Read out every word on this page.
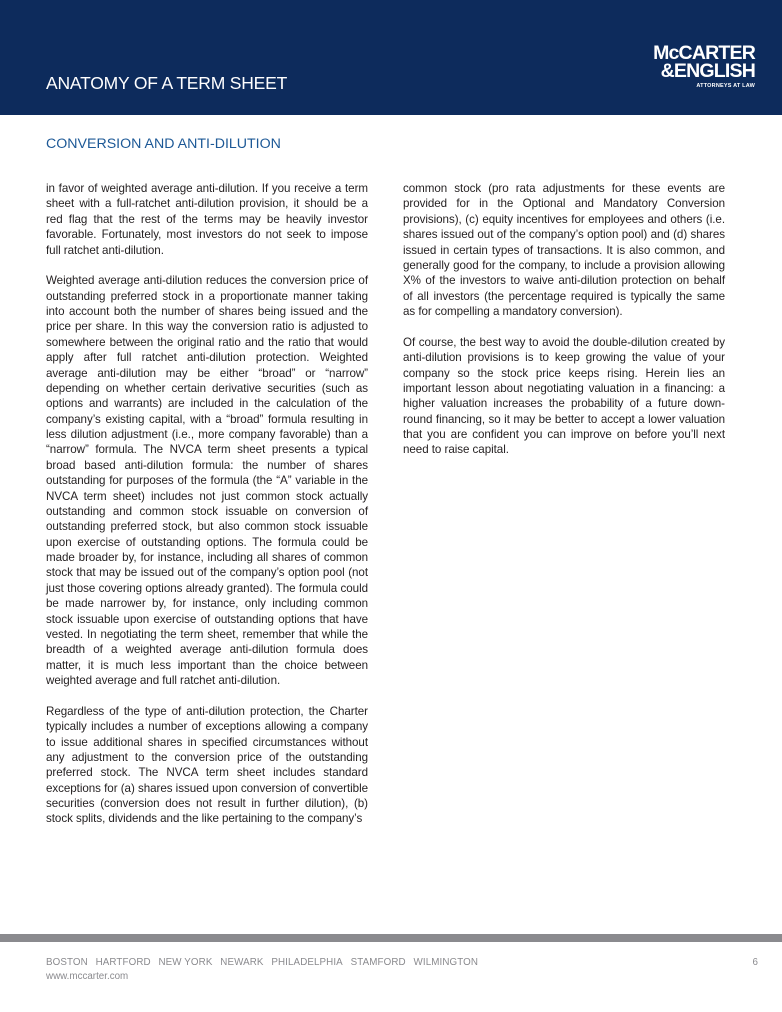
ANATOMY OF A TERM SHEET
McCARTER
&ENGLISH
ATTORNEYS AT LAW
CONVERSION AND ANTI-DILUTION

in favor of weighted average anti-dilution. If you receive a term sheet with a full-ratchet anti-dilution provision, it should be a red flag that the rest of the terms may be heavily investor favorable. Fortunately, most investors do not seek to impose full ratchet anti-dilution.

Weighted average anti-dilution reduces the conversion price of outstanding preferred stock in a proportionate manner taking into account both the number of shares being issued and the price per share. In this way the conversion ratio is adjusted to somewhere between the original ratio and the ratio that would apply after full ratchet anti-dilution protection. Weighted average anti-dilution may be either “broad” or “narrow” depending on whether certain derivative securities (such as options and warrants) are included in the calculation of the company’s existing capital, with a “broad” formula resulting in less dilution adjustment (i.e., more company favorable) than a “narrow” formula. The NVCA term sheet presents a typical broad based anti-dilution formula: the number of shares outstanding for purposes of the formula (the “A” variable in the NVCA term sheet) includes not just common stock actually outstanding and common stock issuable on conversion of outstanding preferred stock, but also common stock issuable upon exercise of outstanding options. The formula could be made broader by, for instance, including all shares of common stock that may be issued out of the company’s option pool (not just those covering options already granted). The formula could be made narrower by, for instance, only including common stock issuable upon exercise of outstanding options that have vested. In negotiating the term sheet, remember that while the breadth of a weighted average anti-dilution formula does matter, it is much less important than the choice between weighted average and full ratchet anti-dilution.

Regardless of the type of anti-dilution protection, the Charter typically includes a number of exceptions allowing a company to issue additional shares in specified circumstances without any adjustment to the conversion price of the outstanding preferred stock. The NVCA term sheet includes standard exceptions for (a) shares issued upon conversion of convertible securities (conversion does not result in further dilution), (b) stock splits, dividends and the like pertaining to the company’s

common stock (pro rata adjustments for these events are provided for in the Optional and Mandatory Conversion provisions), (c) equity incentives for employees and others (i.e. shares issued out of the company’s option pool) and (d) shares issued in certain types of transactions. It is also common, and generally good for the company, to include a provision allowing X% of the investors to waive anti-dilution protection on behalf of all investors (the percentage required is typically the same as for compelling a mandatory conversion).

Of course, the best way to avoid the double-dilution created by anti-dilution provisions is to keep growing the value of your company so the stock price keeps rising. Herein lies an important lesson about negotiating valuation in a financing: a higher valuation increases the probability of a future down-round financing, so it may be better to accept a lower valuation that you are confident you can improve on before you’ll next need to raise capital.

BOSTON HARTFORD NEW YORK NEWARK PHILADELPHIA STAMFORD WILMINGTON
www.mccarter.com
6
